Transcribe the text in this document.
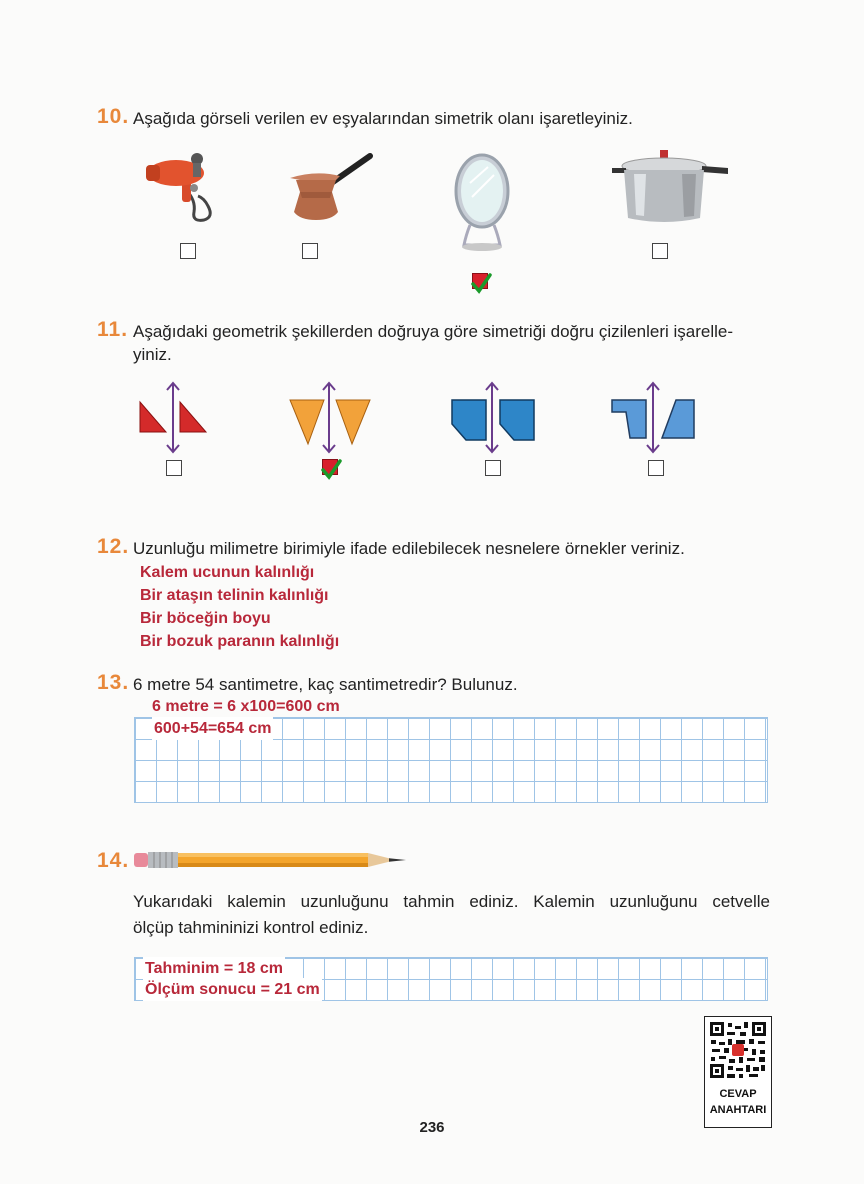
10. Aşağıda görseli verilen ev eşyalarından simetrik olanı işaretleyiniz.
11. Aşağıdaki geometrik şekillerden doğruya göre simetriği doğru çizilenleri işarelle-
yiniz.
12. Uzunluğu milimetre birimiyle ifade edilebilecek nesnelere örnekler veriniz.
Kalem ucunun kalınlığı
Bir ataşın telinin kalınlığı
Bir böceğin boyu
Bir bozuk paranın kalınlığı
13. 6 metre 54 santimetre, kaç santimetredir? Bulunuz.
6 metre = 6 x100=600 cm
600+54=654 cm
14.
Yukarıdaki kalemin uzunluğunu tahmin ediniz. Kalemin uzunluğunu cetvelle
ölçüp tahmininizi kontrol ediniz.
Tahminim = 18 cm
Ölçüm sonucu = 21 cm
CEVAP
ANAHTARI
236
